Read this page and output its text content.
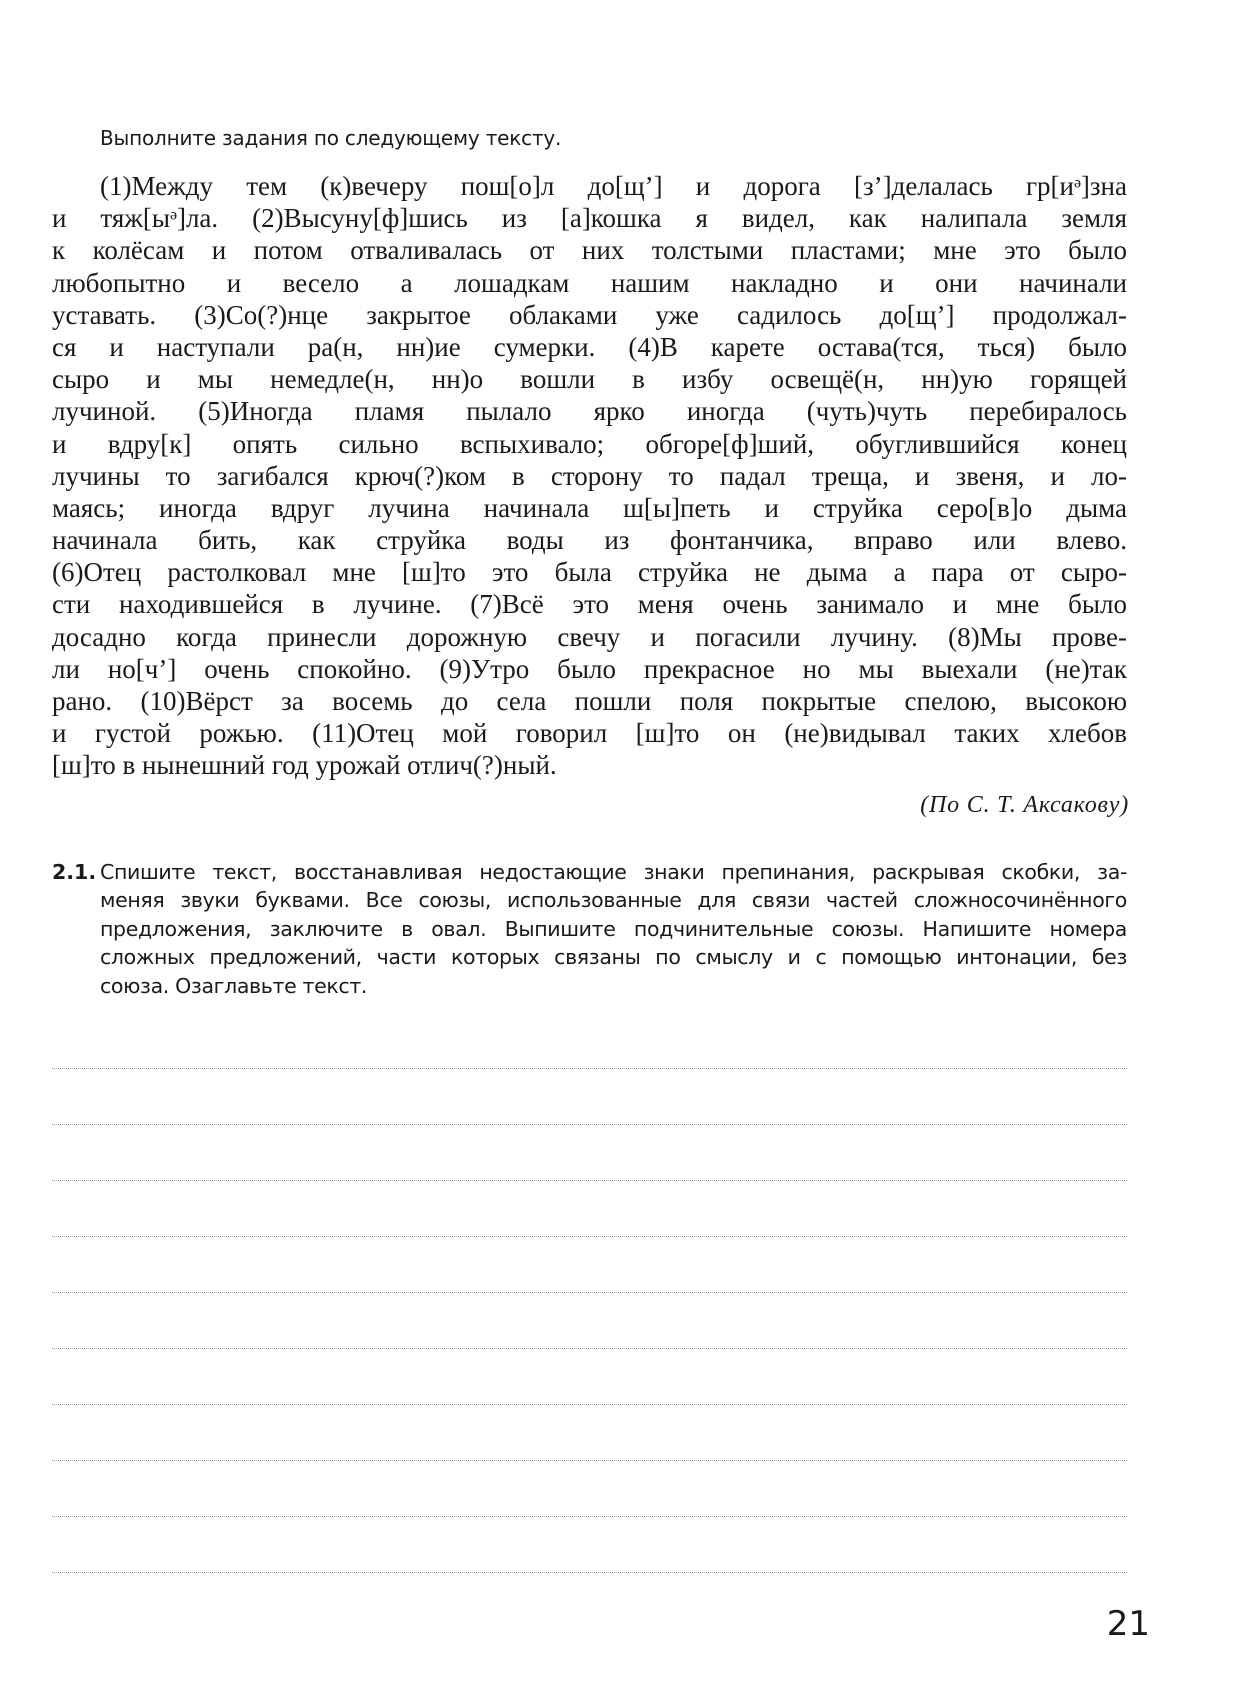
Выполните задания по следующему тексту.
(1)Между тем (к)вечеру пош[о]л до[щ’] и дорога [з’]делалась гр[иᵊ]зна
и тяж[ыᵊ]ла. (2)Высуну[ф]шись из [а]кошка я видел, как налипала земля
к колёсам и потом отваливалась от них толстыми пластами; мне это было
любопытно и весело а лошадкам нашим накладно и они начинали
уставать. (3)Со(?)нце закрытое облаками уже садилось до[щ’] продолжал-
ся и наступали ра(н, нн)ие сумерки. (4)В карете остава(тся, ться) было
сыро и мы немедле(н, нн)о вошли в избу освещё(н, нн)ую горящей
лучиной. (5)Иногда пламя пылало ярко иногда (чуть)чуть перебиралось
и вдру[к] опять сильно вспыхивало; обгоре[ф]ший, обуглившийся конец
лучины то загибался крюч(?)ком в сторону то падал треща, и звеня, и ло-
маясь; иногда вдруг лучина начинала ш[ы]петь и струйка серо[в]о дыма
начинала бить, как струйка воды из фонтанчика, вправо или влево.
(6)Отец растолковал мне [ш]то это была струйка не дыма а пара от сыро-
сти находившейся в лучине. (7)Всё это меня очень занимало и мне было
досадно когда принесли дорожную свечу и погасили лучину. (8)Мы прове-
ли но[ч’] очень спокойно. (9)Утро было прекрасное но мы выехали (не)так
рано. (10)Вёрст за восемь до села пошли поля покрытые спелою, высокою
и густой рожью. (11)Отец мой говорил [ш]то он (не)видывал таких хлебов
[ш]то в нынешний год урожай отлич(?)ный.
(По С. Т. Аксакову)
2.1. Спишите текст, восстанавливая недостающие знаки препинания, раскрывая скобки, за-
меняя звуки буквами. Все союзы, использованные для связи частей сложносочинённого
предложения, заключите в овал. Выпишите подчинительные союзы. Напишите номера
сложных предложений, части которых связаны по смыслу и с помощью интонации, без
союза. Озаглавьте текст.
21
